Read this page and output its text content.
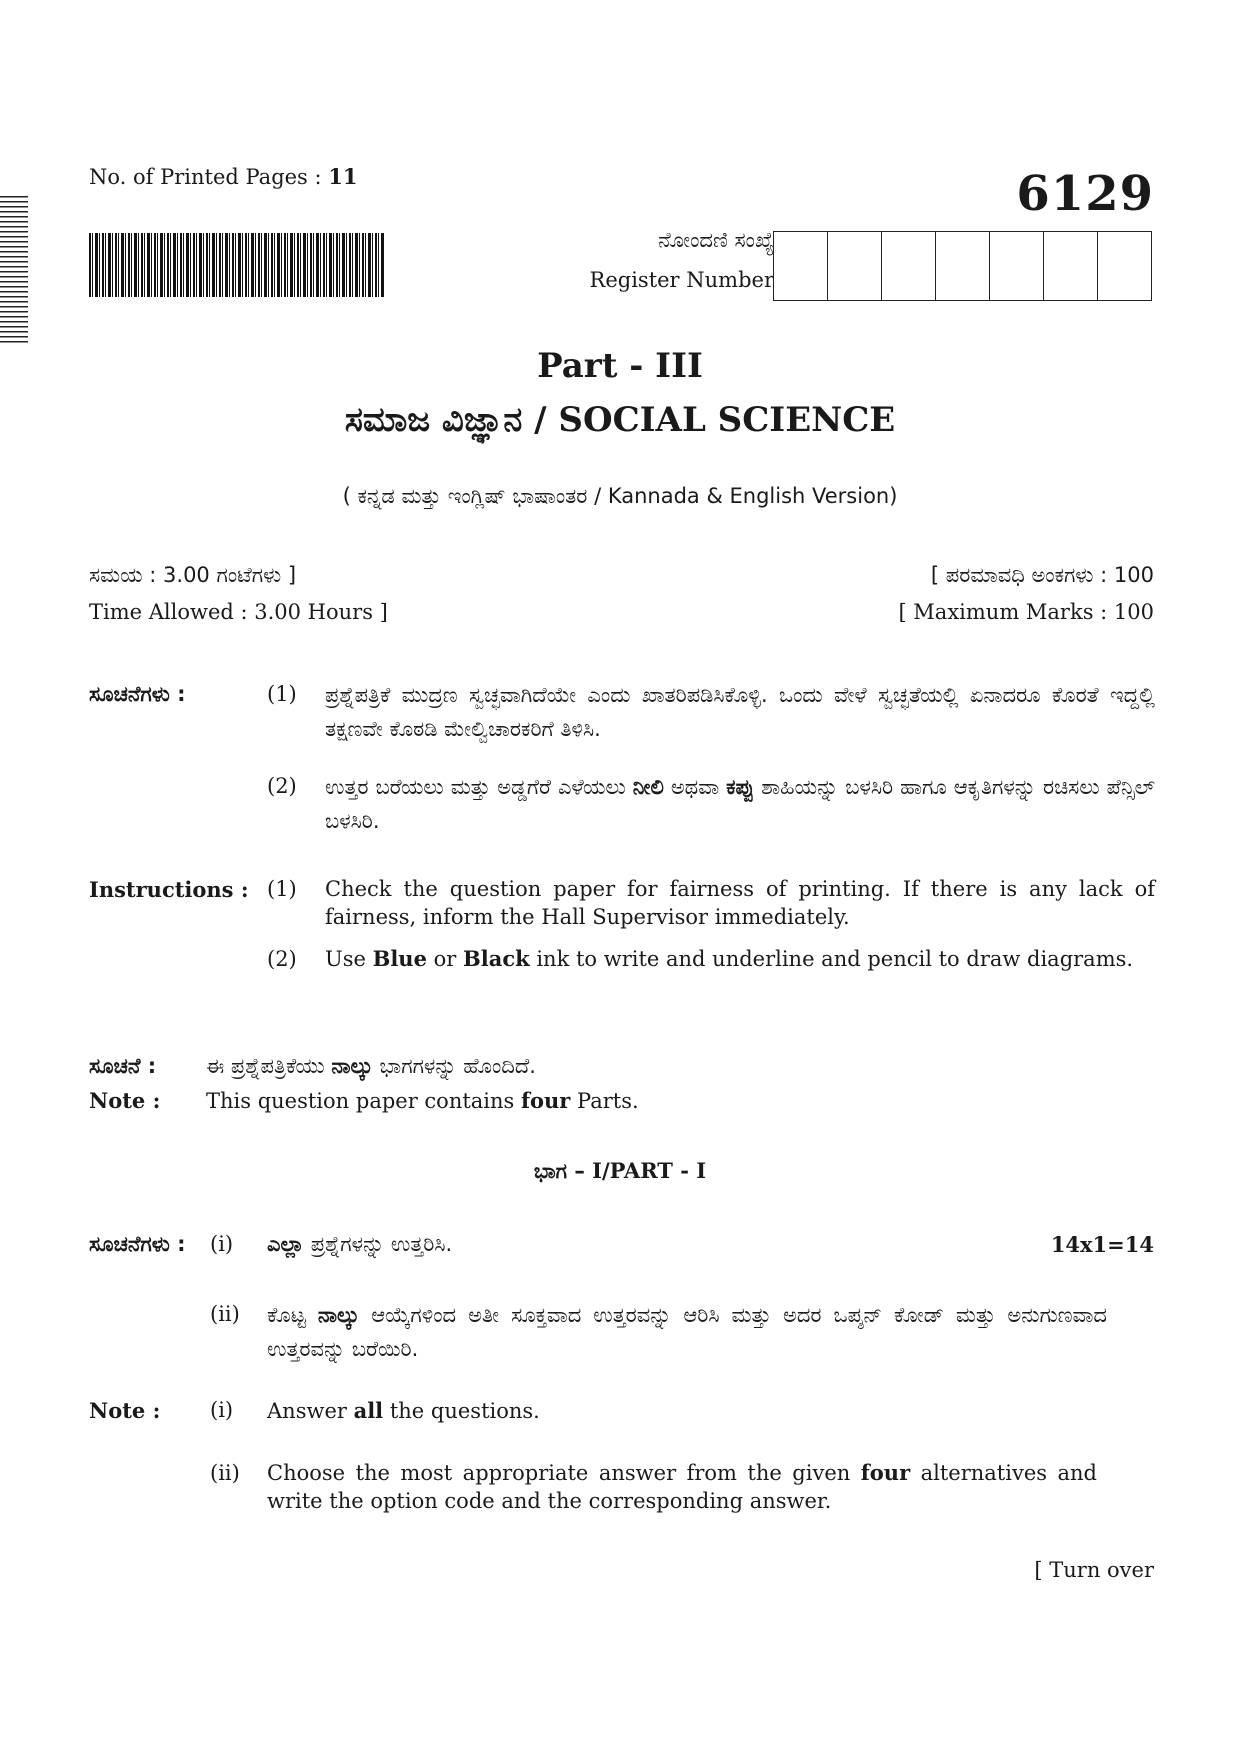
No. of Printed Pages : 11	6129
ನೋಂದಣಿ ಸಂಖ್ಯೆ
Register Number
Part - III
ಸಮಾಜ ವಿಜ್ಞಾನ / SOCIAL SCIENCE
( ಕನ್ನಡ ಮತ್ತು ಇಂಗ್ಲಿಷ್ ಭಾಷಾಂತರ / Kannada & English Version)
ಸಮಯ : 3.00 ಗಂಟೆಗಳು ]	[ ಪರಮಾವಧಿ ಅಂಕಗಳು : 100
Time Allowed : 3.00 Hours ]	[ Maximum Marks : 100
ಸೂಚನೆಗಳು :	(1) ಪ್ರಶ್ನೆಪತ್ರಿಕೆ ಮುದ್ರಣ ಸ್ವಚ್ಛವಾಗಿದೆಯೇ ಎಂದು ಖಾತರಿಪಡಿಸಿಕೊಳ್ಳಿ. ಒಂದು ವೇಳೆ ಸ್ವಚ್ಛತೆಯಲ್ಲಿ ಏನಾದರೂ ಕೊರತೆ ಇದ್ದಲ್ಲಿ ತಕ್ಷಣವೇ ಕೊಠಡಿ ಮೇಲ್ವಿಚಾರಕರಿಗೆ ತಿಳಿಸಿ.
(2) ಉತ್ತರ ಬರೆಯಲು ಮತ್ತು ಅಡ್ಡಗೆರೆ ಎಳೆಯಲು ನೀಲಿ ಅಥವಾ ಕಪ್ಪು ಶಾಹಿಯನ್ನು ಬಳಸಿರಿ ಹಾಗೂ ಆಕೃತಿಗಳನ್ನು ರಚಿಸಲು ಪೆನ್ಸಿಲ್ ಬಳಸಿರಿ.
Instructions : (1) Check the question paper for fairness of printing. If there is any lack of fairness, inform the Hall Supervisor immediately.
(2) Use Blue or Black ink to write and underline and pencil to draw diagrams.
ಸೂಚನೆ : ಈ ಪ್ರಶ್ನೆಪತ್ರಿಕೆಯು ನಾಲ್ಕು ಭಾಗಗಳನ್ನು ಹೊಂದಿದೆ.
Note : This question paper contains four Parts.
ಭಾಗ – I/PART - I
ಸೂಚನೆಗಳು : (i) ಎಲ್ಲಾ ಪ್ರಶ್ನೆಗಳನ್ನು ಉತ್ತರಿಸಿ.	14x1=14
(ii) ಕೊಟ್ಟ ನಾಲ್ಕು ಆಯ್ಕೆಗಳಿಂದ ಅತೀ ಸೂಕ್ತವಾದ ಉತ್ತರವನ್ನು ಆರಿಸಿ ಮತ್ತು ಅದರ ಒಪ್ಶನ್ ಕೋಡ್ ಮತ್ತು ಅನುಗುಣವಾದ ಉತ್ತರವನ್ನು ಬರೆಯಿರಿ.
Note : (i) Answer all the questions.
(ii) Choose the most appropriate answer from the given four alternatives and write the option code and the corresponding answer.
[ Turn over
